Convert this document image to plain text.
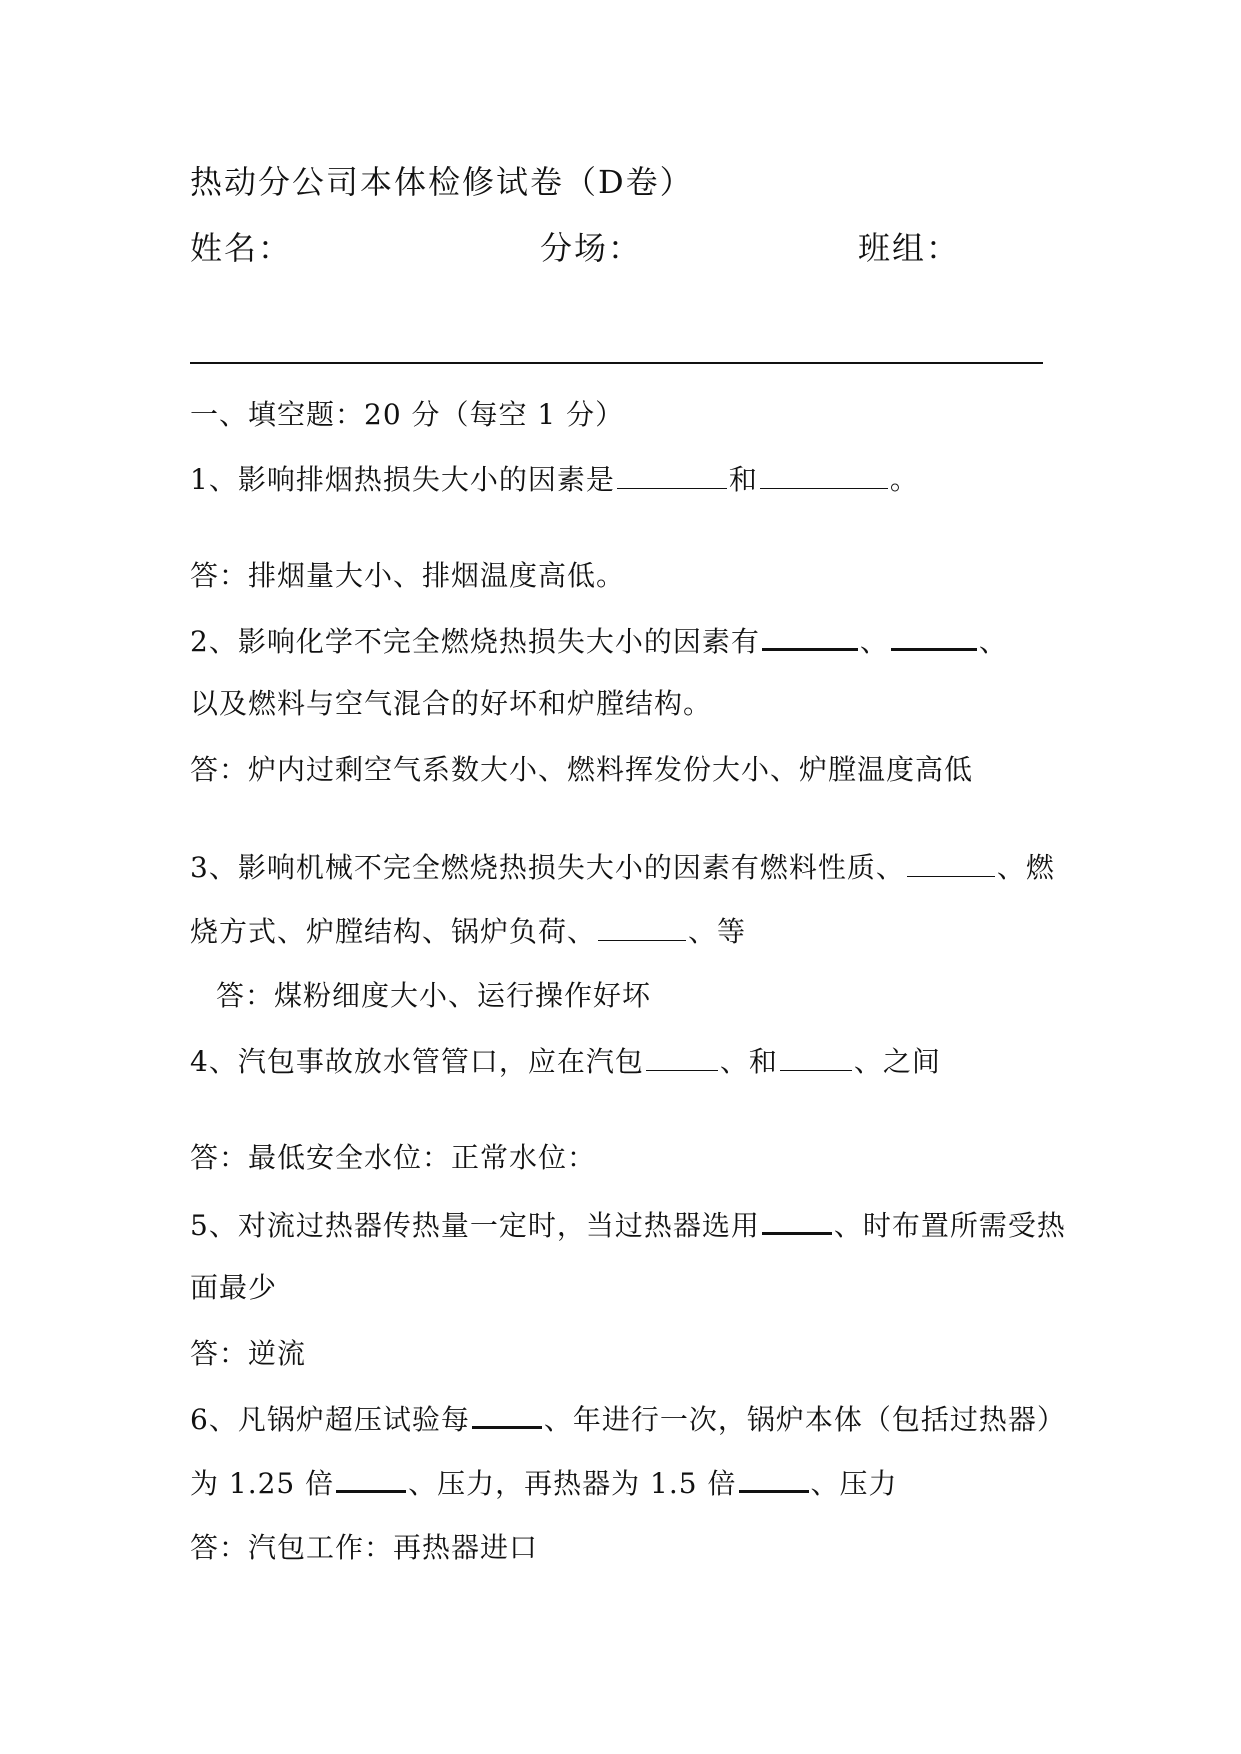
热动分公司本体检修试卷（D卷）
姓名：	分场：	班组：
一、填空题：20 分（每空 1 分）
1、影响排烟热损失大小的因素是	和	。
答：排烟量大小、排烟温度高低。
2、影响化学不完全燃烧热损失大小的因素有	、	、
以及燃料与空气混合的好坏和炉膛结构。
答：炉内过剩空气系数大小、燃料挥发份大小、炉膛温度高低
3、影响机械不完全燃烧热损失大小的因素有燃料性质、	、燃
烧方式、炉膛结构、锅炉负荷、	、等
答：煤粉细度大小、运行操作好坏
4、汽包事故放水管管口，应在汽包	、和	、之间
答：最低安全水位：正常水位：
5、对流过热器传热量一定时，当过热器选用	、时布置所需受热
面最少
答：逆流
6、凡锅炉超压试验每	、年进行一次，锅炉本体（包括过热器）
为 1.25 倍	、压力，再热器为 1.5 倍	、压力
答：汽包工作：再热器进口
